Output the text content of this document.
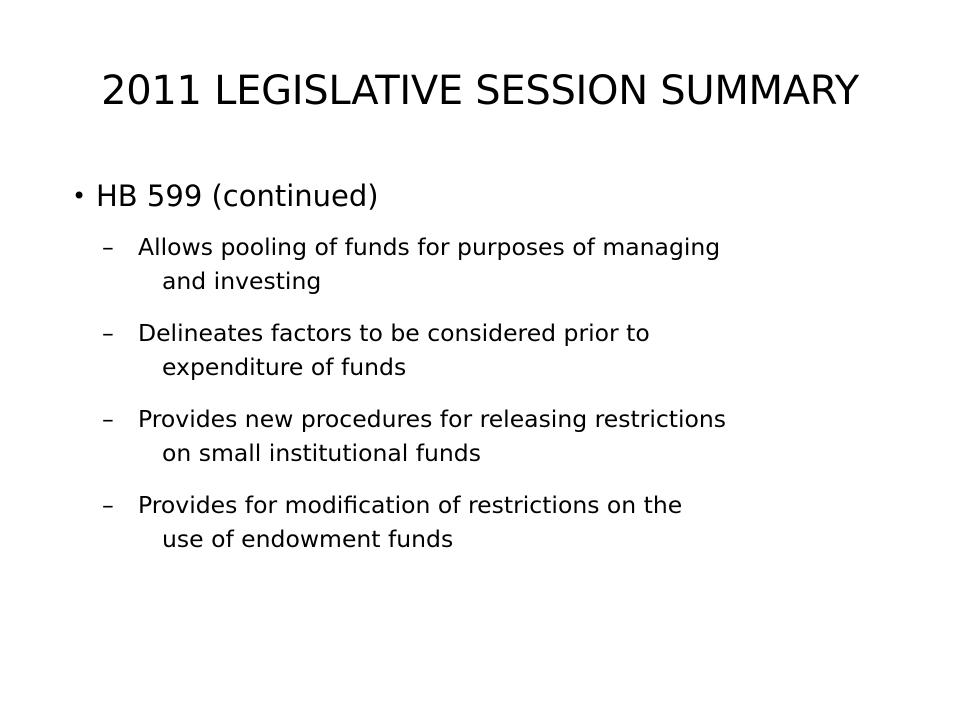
2011 LEGISLATIVE SESSION SUMMARY
• HB 599 (continued)
– Allows pooling of funds for purposes of managing
and investing
– Delineates factors to be considered prior to
expenditure of funds
– Provides new procedures for releasing restrictions
on small institutional funds
– Provides for modification of restrictions on the
use of endowment funds
